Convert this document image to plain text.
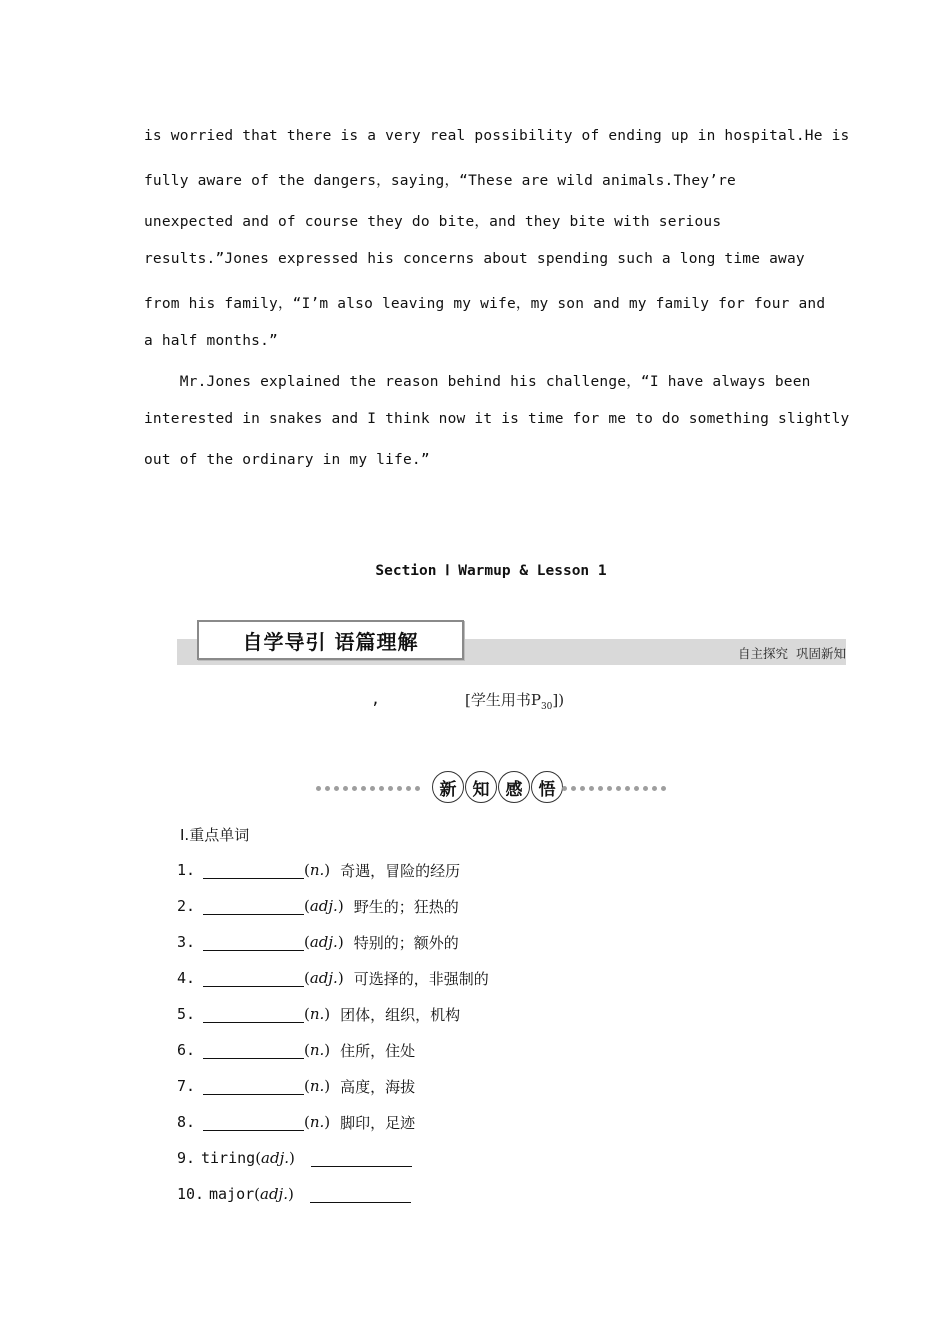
is worried that there is a very real possibility of ending up in hospital.He is
fully aware of the dangers，saying，“These are wild animals.They’re
unexpected and of course they do bite，and they bite with serious
results.”Jones expressed his concerns about spending such a long time away
from his family，“I’m also leaving my wife，my son and my family for four and
a half months.”
Mr.Jones explained the reason behind his challenge，“I have always been
interested in snakes and I think now it is time for me to do something slightly
out of the ordinary in my life.”
Section Ⅰ Warmup & Lesson 1
自学导引 语篇理解	自主探究  巩固新知
,	[学生用书$P_{30}$])
新 知 感 悟
Ⅰ.重点单词
1.	(n.) 奇遇，冒险的经历
2.	(adj.) 野生的；狂热的
3.	(adj.) 特别的；额外的
4.	(adj.) 可选择的，非强制的
5.	(n.) 团体，组织，机构
6.	(n.) 住所，住处
7.	(n.) 高度，海拔
8.	(n.) 脚印，足迹
9. tiring (adj.)
10. major (adj.)
